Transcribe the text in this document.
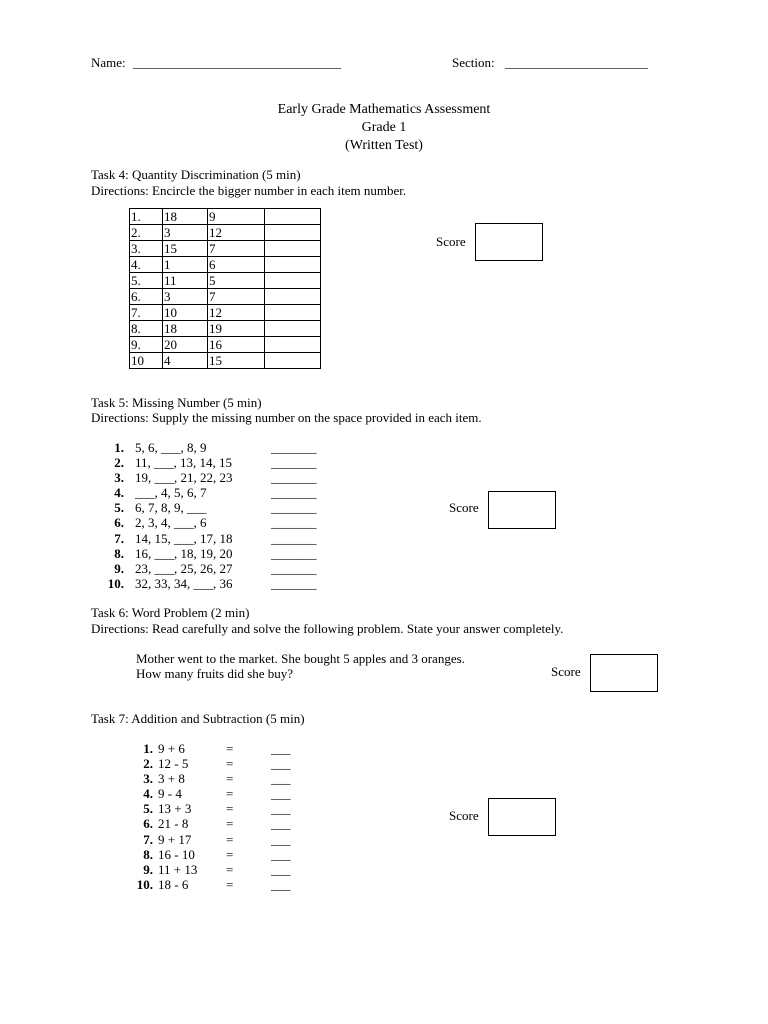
Name: ________________________________	Section: ______________________
Early Grade Mathematics Assessment
Grade 1
(Written Test)
Task 4: Quantity Discrimination (5 min)
Directions: Encircle the bigger number in each item number.
1.	18	9	
2.	3	12	
3.	15	7	
4.	1	6	
5.	11	5	
6.	3	7	
7.	10	12	
8.	18	19	
9.	20	16	
10	4	15	
Score
Task 5: Missing Number (5 min)
Directions: Supply the missing number on the space provided in each item.
1. 5, 6, ___, 8, 9	_______
2. 11, ___, 13, 14, 15	_______
3. 19, ___, 21, 22, 23	_______
4. ___, 4, 5, 6, 7	_______
5. 6, 7, 8, 9, ___	_______
6. 2, 3, 4, ___, 6	_______
7. 14, 15, ___, 17, 18	_______
8. 16, ___, 18, 19, 20	_______
9. 23, ___, 25, 26, 27	_______
10. 32, 33, 34, ___, 36	_______
Score
Task 6: Word Problem (2 min)
Directions: Read carefully and solve the following problem. State your answer completely.
Mother went to the market. She bought 5 apples and 3 oranges.
How many fruits did she buy?	Score
Task 7: Addition and Subtraction (5 min)
1. 9 + 6	=	___
2. 12 - 5	=	___
3. 3 + 8	=	___
4. 9 - 4	=	___
5. 13 + 3	=	___
6. 21 - 8	=	___
7. 9 + 17	=	___
8. 16 - 10 =	___
9. 11 + 13 =	___
10. 18 - 6	=	___
Score
